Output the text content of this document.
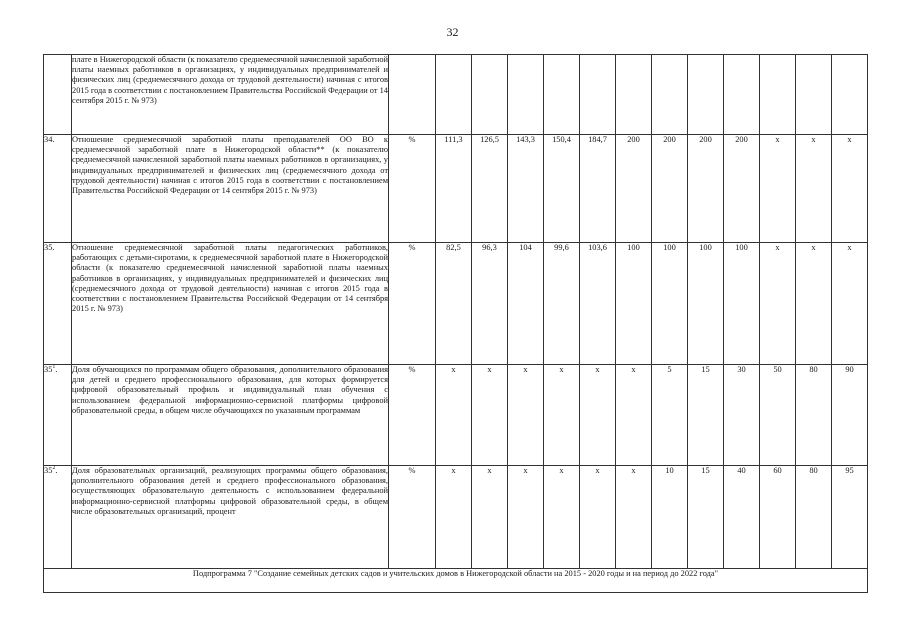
32
	плате в Нижегородской области (к показателю среднемесячной начисленной заработной платы наемных работников в организациях, у индивидуальных предпринимателей и физических лиц (среднемесячного дохода от трудовой деятельности) начиная с итогов 2015 года в соответствии с постановлением Правительства Российской Федерации от 14 сентября 2015 г. № 973)													
34.	Отношение среднемесячной заработной платы преподавателей ОО ВО к среднемесячной заработной плате в Нижегородской области** (к показателю среднемесячной начисленной заработной платы наемных работников в организациях, у индивидуальных предпринимателей и физических лиц (среднемесячного дохода от трудовой деятельности) начиная с итогов 2015 года в соответствии с постановлением Правительства Российской Федерации от 14 сентября 2015 г. № 973)	%	111,3	126,5	143,3	150,4	184,7	200	200	200	200	x	x	x
35.	Отношение среднемесячной заработной платы педагогических работников, работающих с детьми-сиротами, к среднемесячной заработной плате в Нижегородской области (к показателю среднемесячной начисленной заработной платы наемных работников в организациях, у индивидуальных предпринимателей и физических лиц (среднемесячного дохода от трудовой деятельности) начиная с итогов 2015 года в соответствии с постановлением Правительства Российской Федерации от 14 сентября 2015 г. № 973)	%	82,5	96,3	104	99,6	103,6	100	100	100	100	x	x	x
$35^1$.	Доля обучающихся по программам общего образования, дополнительного образования для детей и среднего профессионального образования, для которых формируется цифровой образовательный профиль и индивидуальный план обучения с использованием федеральной информационно-сервисной платформы цифровой образовательной среды, в общем числе обучающихся по указанным программам	%	x	x	x	x	x	x	5	15	30	50	80	90
$35^2$.	Доля образовательных организаций, реализующих программы общего образования, дополнительного образования детей и среднего профессионального образования, осуществляющих образовательную деятельность с использованием федеральной информационно-сервисной платформы цифровой образовательной среды, в общем числе образовательных организаций, процент	%	x	x	x	x	x	x	10	15	40	60	80	95
Подпрограмма 7 "Создание семейных детских садов и учительских домов в Нижегородской области на 2015 - 2020 годы и на период до 2022 года"														
